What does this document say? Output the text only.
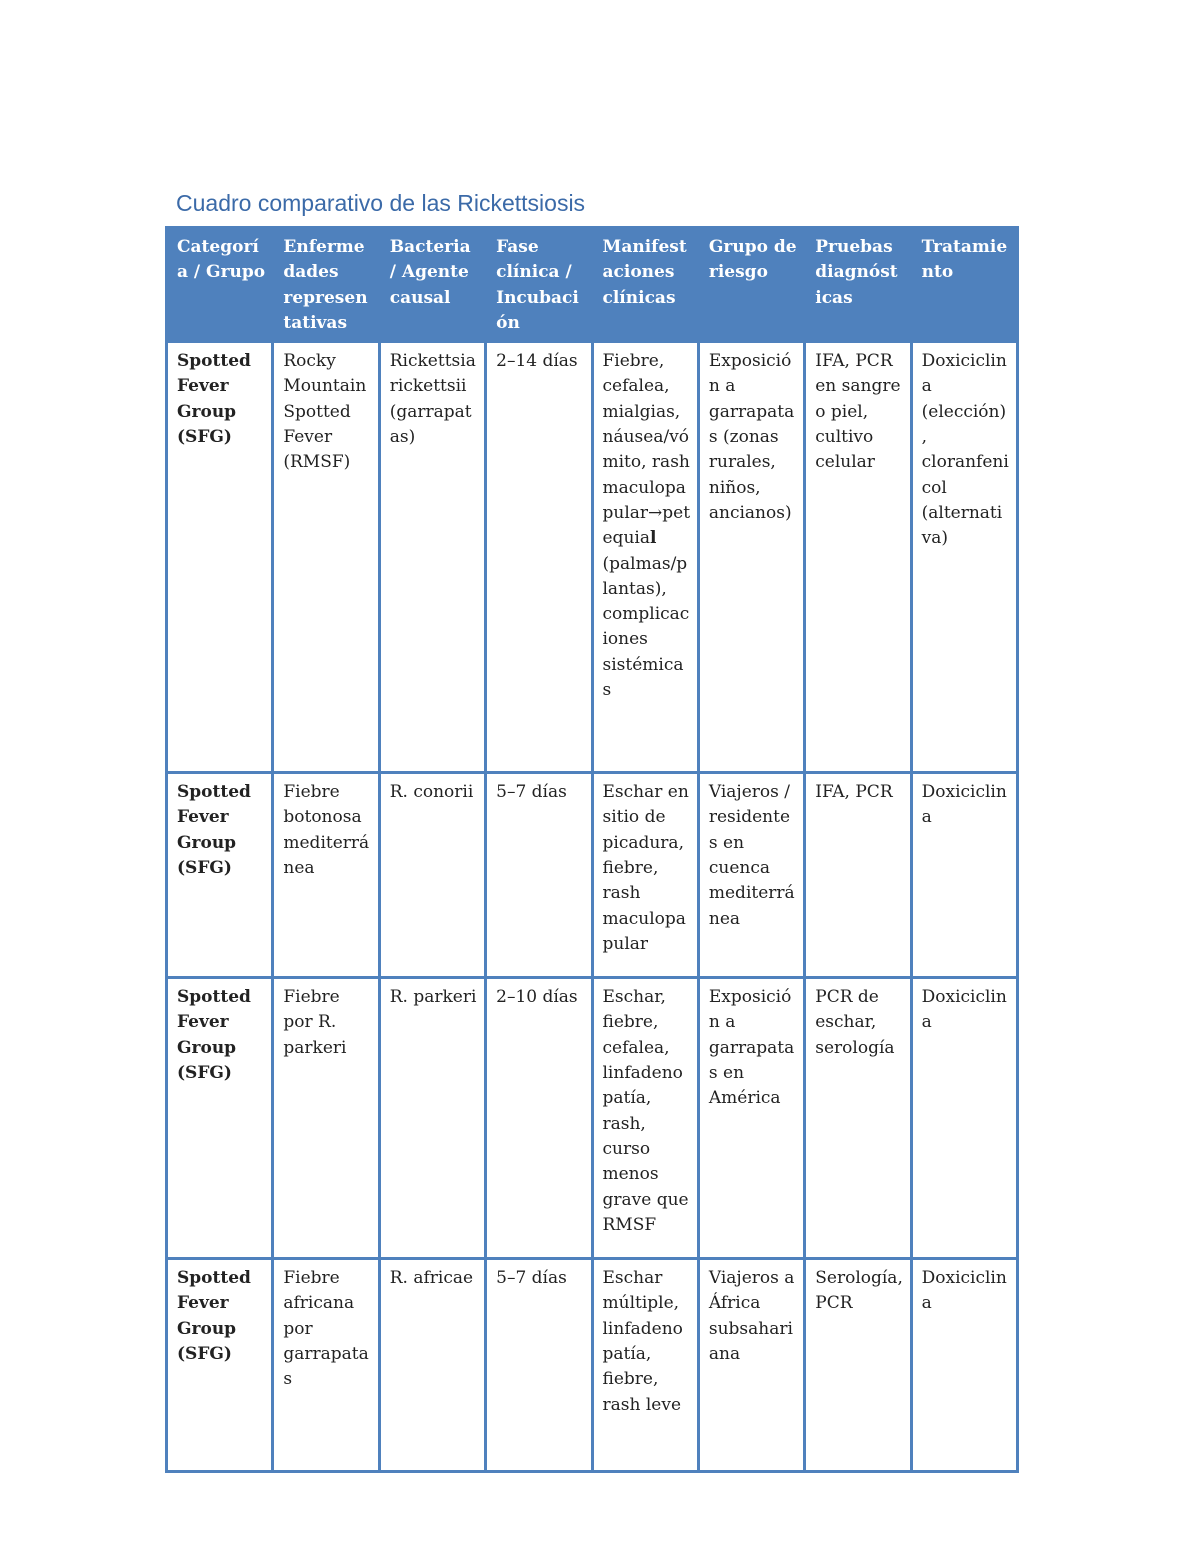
Cuadro comparativo de las Rickettsiosis
Categoría / Grupo	Enfermedades representativas	Bacteria / Agente causal	Fase clínica / Incubación	Manifestaciones clínicas	Grupo de riesgo	Pruebas diagnósticas	Tratamiento
Spotted Fever Group (SFG)	Rocky Mountain Spotted Fever (RMSF)	Rickettsia rickettsii (garrapatas)	2–14 días	Fiebre, cefalea, mialgias, náusea/vómito, rash maculopapular→petequial (palmas/plantas), complicaciones sistémicas	Exposición a garrapatas (zonas rurales, niños, ancianos)	IFA, PCR en sangre o piel, cultivo celular	Doxiciclina (elección), cloranfenicol (alternativa)
Spotted Fever Group (SFG)	Fiebre botonosa mediterránea	R. conorii	5–7 días	Eschar en sitio de picadura, fiebre, rash maculopapular	Viajeros / residentes en cuenca mediterránea	IFA, PCR	Doxiciclina
Spotted Fever Group (SFG)	Fiebre por R. parkeri	R. parkeri	2–10 días	Eschar, fiebre, cefalea, linfadenopatía, rash, curso menos grave que RMSF	Exposición a garrapatas en América	PCR de eschar, serología	Doxiciclina
Spotted Fever Group (SFG)	Fiebre africana por garrapatas	R. africae	5–7 días	Eschar múltiple, linfadenopatía, fiebre, rash leve	Viajeros a África subsahariana	Serología, PCR	Doxiciclina
